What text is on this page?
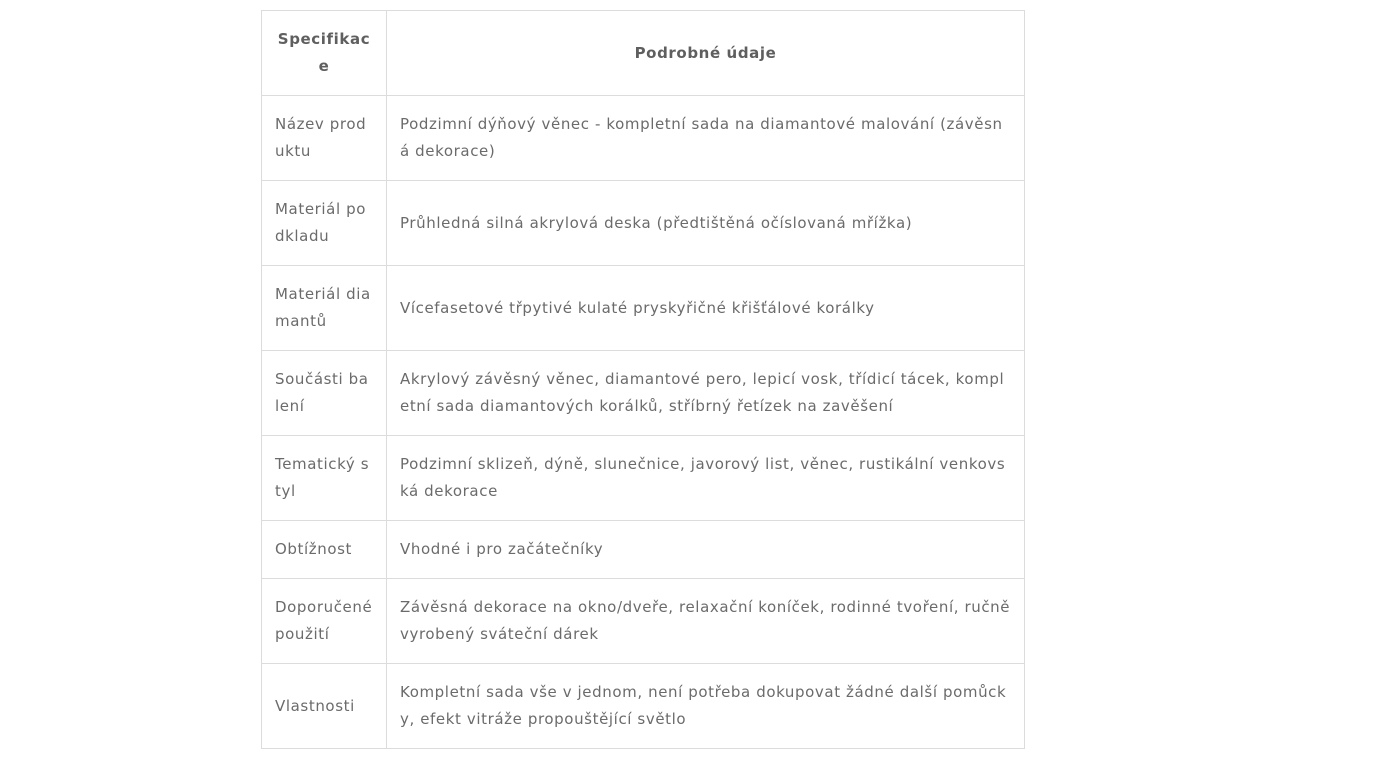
Specifikace	Podrobné údaje
Název produktu	Podzimní dýňový věnec - kompletní sada na diamantové malování (závěsná dekorace)
Materiál podkladu	Průhledná silná akrylová deska (předtištěná očíslovaná mřížka)
Materiál diamantů	Vícefasetové třpytivé kulaté pryskyřičné křišťálové korálky
Součásti balení	Akrylový závěsný věnec, diamantové pero, lepicí vosk, třídicí tácek, kompletní sada diamantových korálků, stříbrný řetízek na zavěšení
Tematický styl	Podzimní sklizeň, dýně, slunečnice, javorový list, věnec, rustikální venkovská dekorace
Obtížnost	Vhodné i pro začátečníky
Doporučené použití	Závěsná dekorace na okno/dveře, relaxační koníček, rodinné tvoření, ručně vyrobený sváteční dárek
Vlastnosti	Kompletní sada vše v jednom, není potřeba dokupovat žádné další pomůcky, efekt vitráže propouštějící světlo
